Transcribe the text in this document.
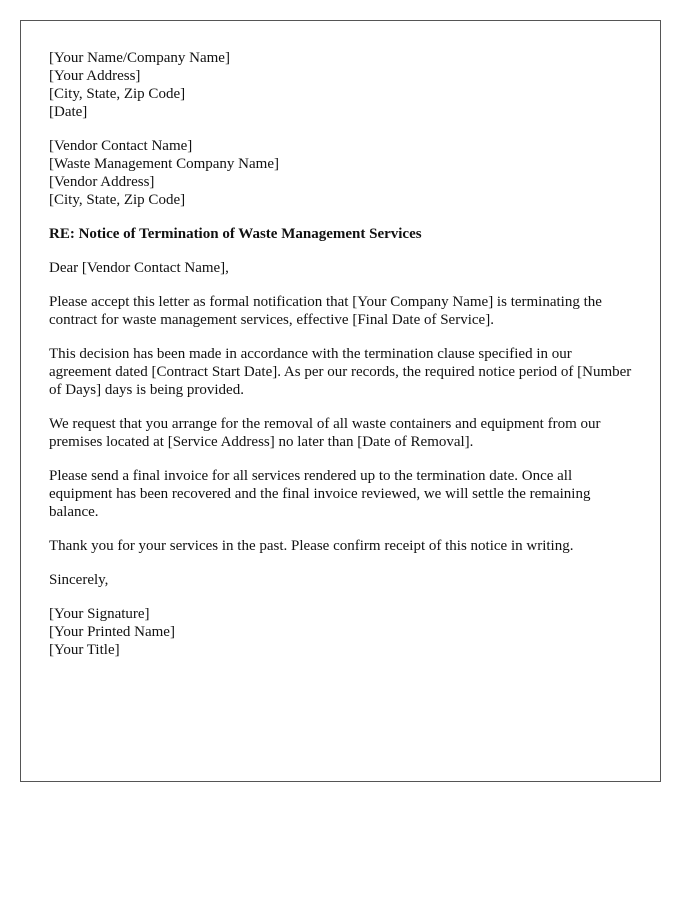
[Your Name/Company Name]
[Your Address]
[City, State, Zip Code]
[Date]
[Vendor Contact Name]
[Waste Management Company Name]
[Vendor Address]
[City, State, Zip Code]

RE: Notice of Termination of Waste Management Services

Dear [Vendor Contact Name],

Please accept this letter as formal notification that [Your Company Name] is terminating the contract for waste management services, effective [Final Date of Service].

This decision has been made in accordance with the termination clause specified in our agreement dated [Contract Start Date]. As per our records, the required notice period of [Number of Days] days is being provided.

We request that you arrange for the removal of all waste containers and equipment from our premises located at [Service Address] no later than [Date of Removal].

Please send a final invoice for all services rendered up to the termination date. Once all equipment has been recovered and the final invoice reviewed, we will settle the remaining balance.

Thank you for your services in the past. Please confirm receipt of this notice in writing.

Sincerely,

[Your Signature]
[Your Printed Name]
[Your Title]
